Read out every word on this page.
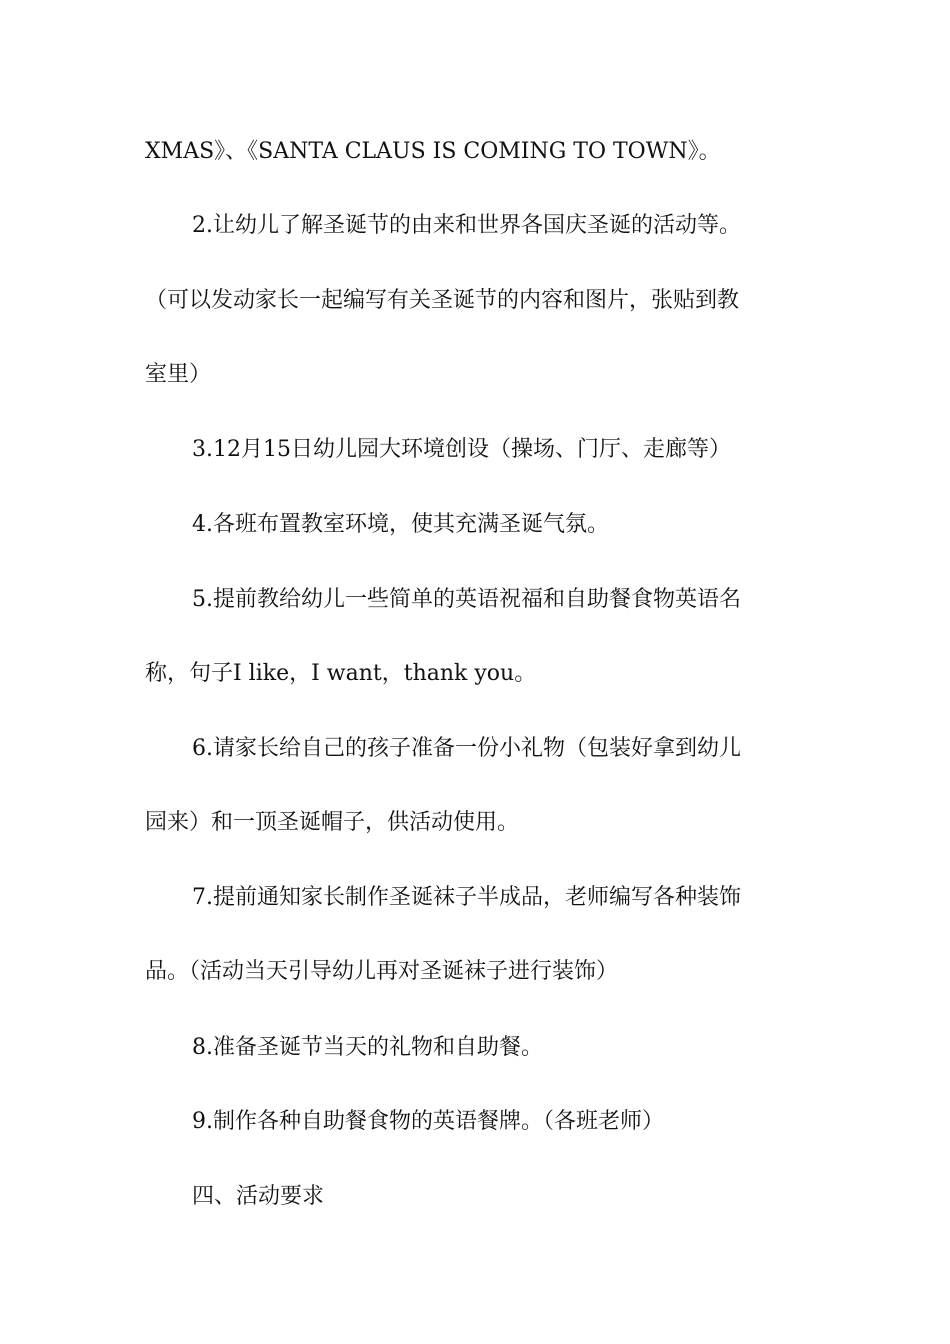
XMAS》、《SANTA CLAUS IS COMING TO TOWN》。
2.让幼儿了解圣诞节的由来和世界各国庆圣诞的活动等。
（可以发动家长一起编写有关圣诞节的内容和图片，张贴到教
室里）
3.12月15日幼儿园大环境创设（操场、门厅、走廊等）
4.各班布置教室环境，使其充满圣诞气氛。
5.提前教给幼儿一些简单的英语祝福和自助餐食物英语名
称，句子I like，I want，thank you。
6.请家长给自己的孩子准备一份小礼物（包装好拿到幼儿
园来）和一顶圣诞帽子，供活动使用。
7.提前通知家长制作圣诞袜子半成品，老师编写各种装饰
品。（活动当天引导幼儿再对圣诞袜子进行装饰）
8.准备圣诞节当天的礼物和自助餐。
9.制作各种自助餐食物的英语餐牌。（各班老师）
四、活动要求
